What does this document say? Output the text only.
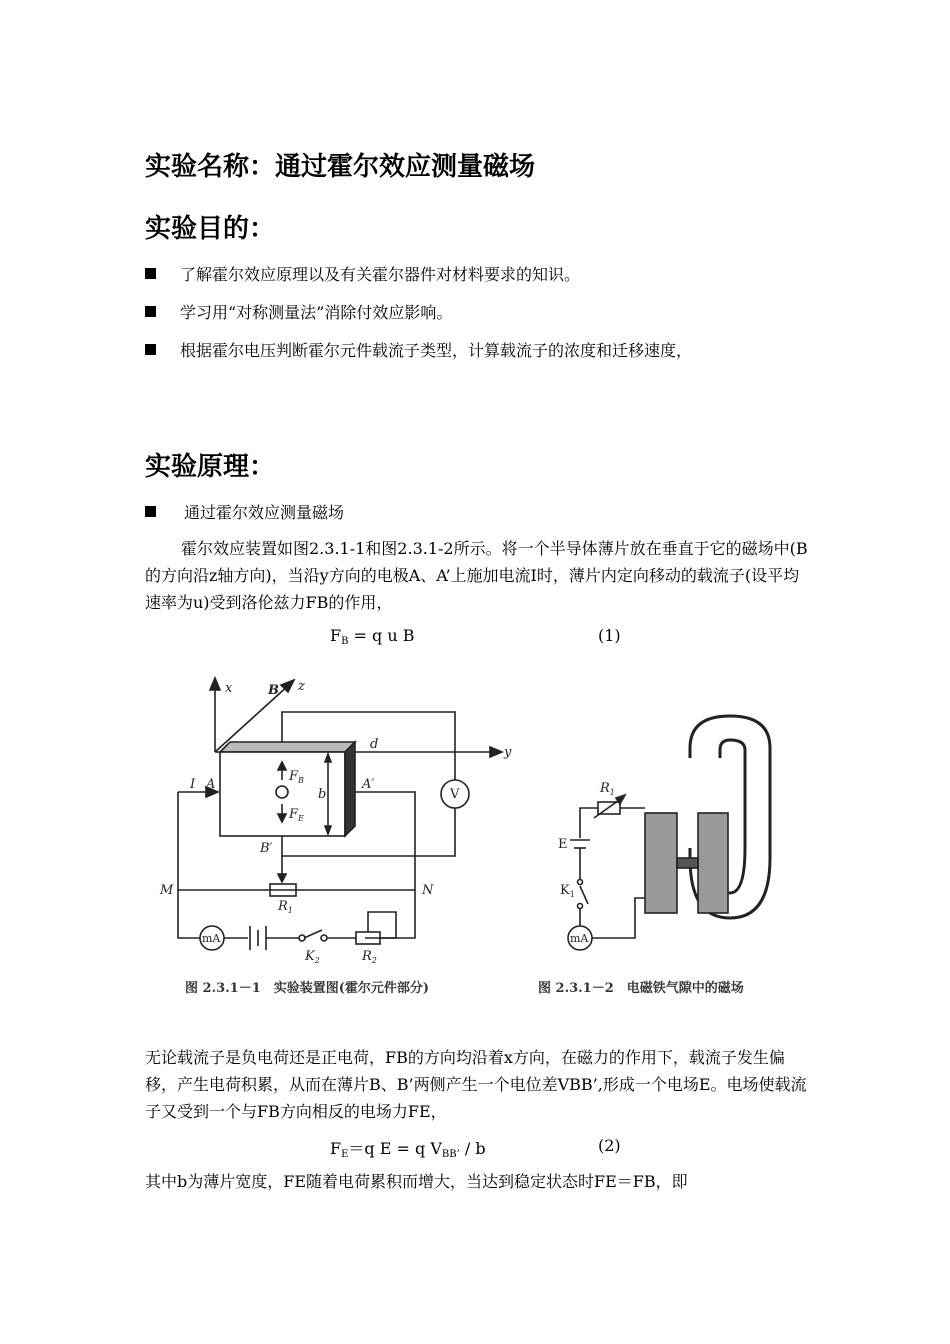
实验名称：通过霍尔效应测量磁场
实验目的：
了解霍尔效应原理以及有关霍尔器件对材料要求的知识。
学习用“对称测量法”消除付效应影响。
根据霍尔电压判断霍尔元件载流子类型，计算载流子的浓度和迁移速度，
实验原理：
通过霍尔效应测量磁场
霍尔效应装置如图2.3.1-1和图2.3.1-2所示。将一个半导体薄片放在垂直于它的磁场中(B的方向沿z轴方向)，当沿y方向的电极A、A’上施加电流I时，薄片内定向移动的载流子(设平均速率为u)受到洛伦兹力FB的作用，
$F_B = q$ u B	(1)
x	B z
y
d
I A	A′
$F_B$
$F_E$
b	V
B′
M	N
$R_1$
mA
$K_2$	$R_2$
$R_1$
E
$K_1$
mA
图 2.3.1－1　实验装置图(霍尔元件部分)	图 2.3.1－2　电磁铁气隙中的磁场
无论载流子是负电荷还是正电荷，FB的方向均沿着x方向，在磁力的作用下，载流子发生偏移，产生电荷积累，从而在薄片B、B’两侧产生一个电位差VBB’,形成一个电场E。电场使载流子又受到一个与FB方向相反的电场力FE，
$F_E=q$ E = q $V_{BB’}$ / b	(2)
其中b为薄片宽度，FE随着电荷累积而增大，当达到稳定状态时FE＝FB，即
